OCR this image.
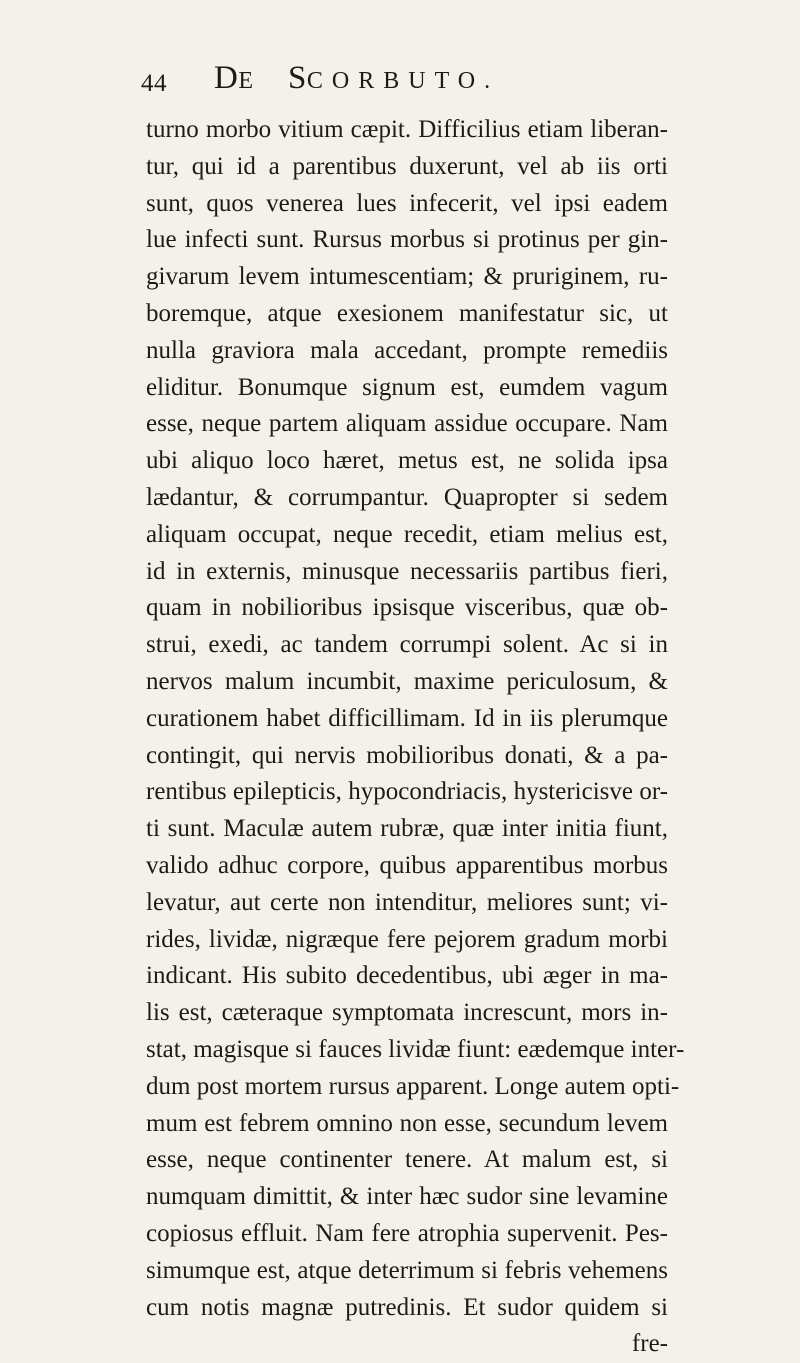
44 DE SCORBUTO.
turno morbo vitium cæpit. Difficilius etiam liberan-
tur, qui id a parentibus duxerunt, vel ab iis orti
sunt, quos venerea lues infecerit, vel ipsi eadem
lue infecti sunt. Rursus morbus si protinus per gin-
givarum levem intumescentiam; & pruriginem, ru-
boremque, atque exesionem manifestatur sic, ut
nulla graviora mala accedant, prompte remediis
eliditur. Bonumque signum est, eumdem vagum
esse, neque partem aliquam assidue occupare. Nam
ubi aliquo loco hæret, metus est, ne solida ipsa
lædantur, & corrumpantur. Quapropter si sedem
aliquam occupat, neque recedit, etiam melius est,
id in externis, minusque necessariis partibus fieri,
quam in nobilioribus ipsisque visceribus, quæ ob-
strui, exedi, ac tandem corrumpi solent. Ac si in
nervos malum incumbit, maxime periculosum, &
curationem habet difficillimam. Id in iis plerumque
contingit, qui nervis mobilioribus donati, & a pa-
rentibus epilepticis, hypocondriacis, hystericisve or-
ti sunt. Maculæ autem rubræ, quæ inter initia fiunt,
valido adhuc corpore, quibus apparentibus morbus
levatur, aut certe non intenditur, meliores sunt; vi-
rides, lividæ, nigræque fere pejorem gradum morbi
indicant. His subito decedentibus, ubi æger in ma-
lis est, cæteraque symptomata increscunt, mors in-
stat, magisque si fauces lividæ fiunt: eædemque inter-
dum post mortem rursus apparent. Longe autem opti-
mum est febrem omnino non esse, secundum levem
esse, neque continenter tenere. At malum est, si
numquam dimittit, & inter hæc sudor sine levamine
copiosus effluit. Nam fere atrophia supervenit. Pes-
simumque est, atque deterrimum si febris vehemens
cum notis magnæ putredinis. Et sudor quidem si
fre-
